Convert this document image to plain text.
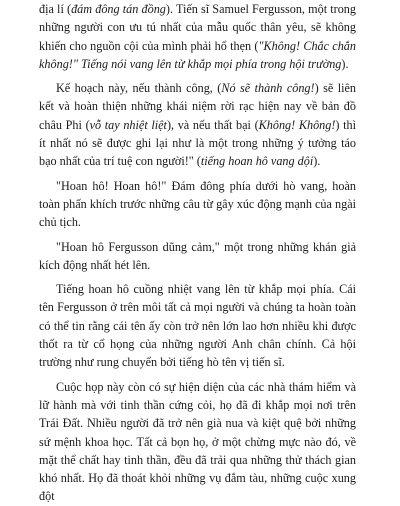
địa lí (đám đông tán đồng). Tiến sĩ Samuel Fergusson, một trong những người con ưu tú nhất của mẫu quốc thân yêu, sẽ không khiến cho nguồn cội của mình phải hổ thẹn ("Không! Chắc chắn không!" Tiếng nói vang lên từ khắp mọi phía trong hội trường).

Kế hoạch này, nếu thành công, (Nó sẽ thành công!) sẽ liên kết và hoàn thiện những khái niệm rời rạc hiện nay về bản đồ châu Phi (vỗ tay nhiệt liệt), và nếu thất bại (Không! Không!) thì ít nhất nó sẽ được ghi lại như là một trong những ý tưởng táo bạo nhất của trí tuệ con người!" (tiếng hoan hô vang dội).

"Hoan hô! Hoan hô!" Đám đông phía dưới hò vang, hoàn toàn phấn khích trước những câu từ gây xúc động mạnh của ngài chủ tịch.

"Hoan hô Fergusson dũng cảm," một trong những khán giả kích động nhất hét lên.

Tiếng hoan hô cuồng nhiệt vang lên từ khắp mọi phía. Cái tên Fergusson ở trên môi tất cả mọi người và chúng ta hoàn toàn có thể tin rằng cái tên ấy còn trở nên lớn lao hơn nhiều khi được thốt ra từ cổ họng của những người Anh chân chính. Cả hội trường như rung chuyển bởi tiếng hò tên vị tiến sĩ.

Cuộc họp này còn có sự hiện diện của các nhà thám hiểm và lữ hành mà với tinh thần cứng cỏi, họ đã đi khắp mọi nơi trên Trái Đất. Nhiều người đã trở nên già nua và kiệt quệ bởi những sứ mệnh khoa học. Tất cả bọn họ, ở một chừng mực nào đó, về mặt thể chất hay tinh thần, đều đã trải qua những thử thách gian khó nhất. Họ đã thoát khỏi những vụ đắm tàu, những cuộc xung đột
